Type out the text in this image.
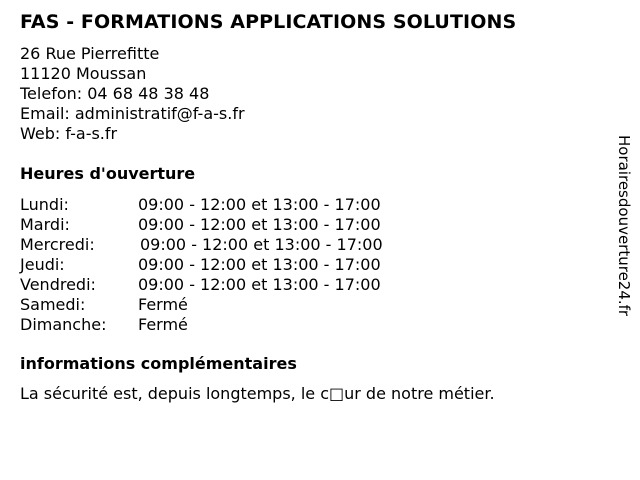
FAS - FORMATIONS APPLICATIONS SOLUTIONS
26 Rue Pierrefitte
11120 Moussan
Telefon: 04 68 48 38 48
Email: administratif@f-a-s.fr
Web: f-a-s.fr
Heures d'ouverture
Lundi:	09:00 - 12:00 et 13:00 - 17:00
Mardi:	09:00 - 12:00 et 13:00 - 17:00
Mercredi:	09:00 - 12:00 et 13:00 - 17:00
Jeudi:	09:00 - 12:00 et 13:00 - 17:00
Vendredi:	09:00 - 12:00 et 13:00 - 17:00
Samedi:	Fermé
Dimanche: Fermé
informations complémentaires
La sécurité est, depuis longtemps, le c□ur de notre métier.
Horairesdouverture24.fr
